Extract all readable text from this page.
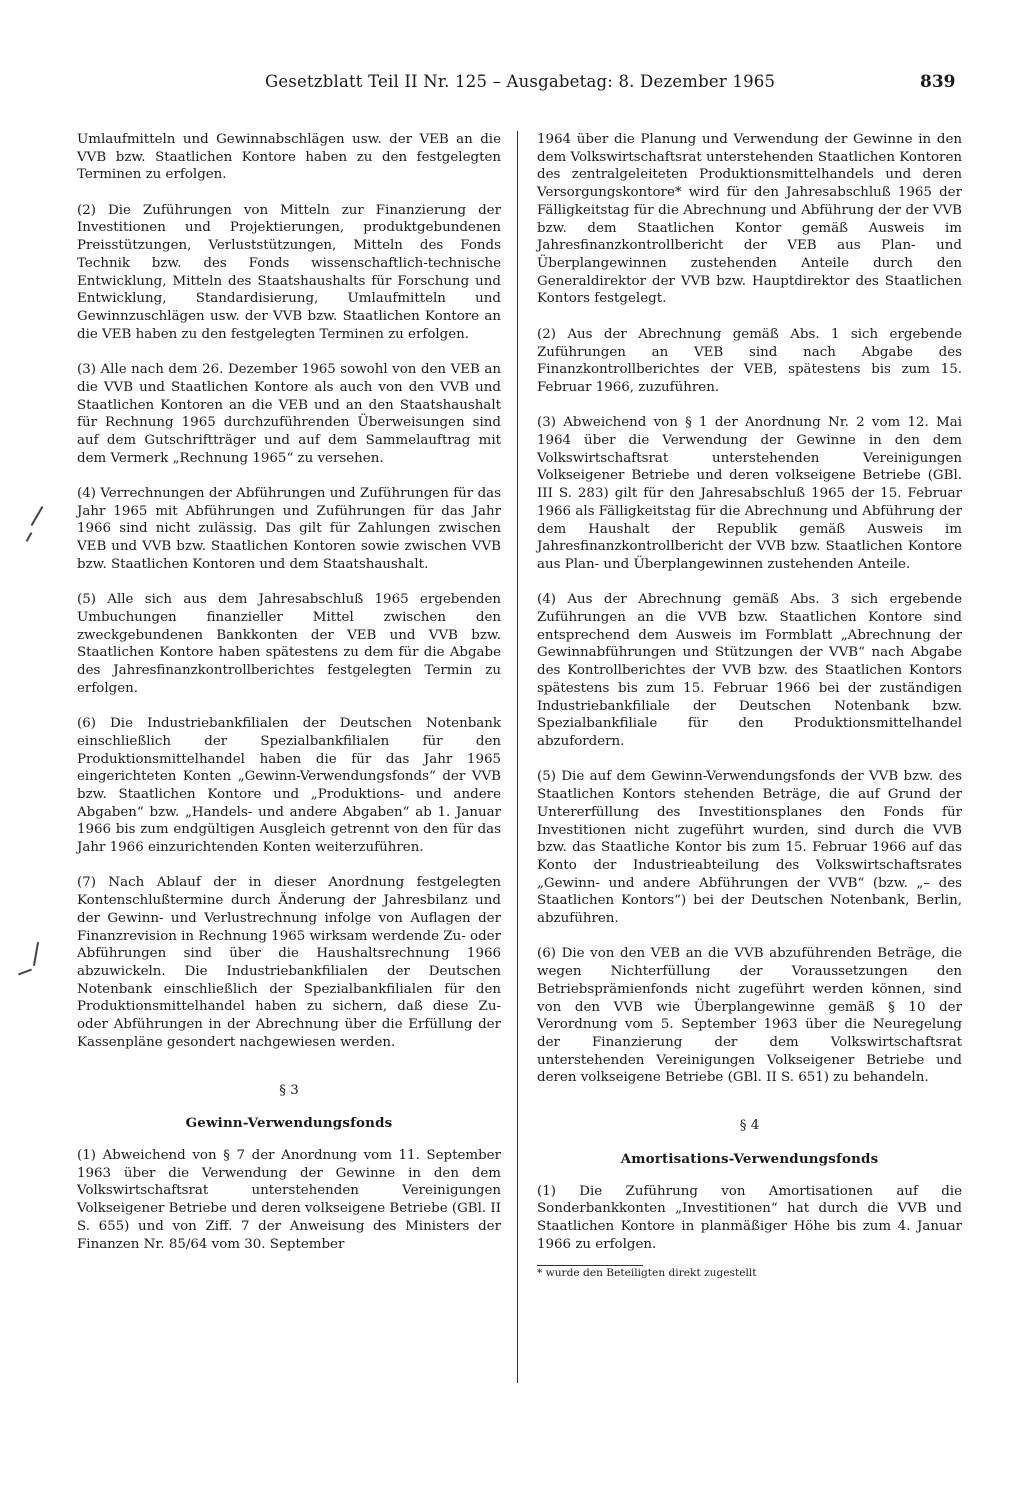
Gesetzblatt Teil II Nr. 125 – Ausgabetag: 8. Dezember 1965	839

Umlaufmitteln und Gewinnabschlägen usw. der VEB an die VVB bzw. Staatlichen Kontore haben zu den festgelegten Terminen zu erfolgen.

(2) Die Zuführungen von Mitteln zur Finanzierung der Investitionen und Projektierungen, produktgebundenen Preisstützungen, Verluststützungen, Mitteln des Fonds Technik bzw. des Fonds wissenschaftlich-technische Entwicklung, Mitteln des Staatshaushalts für Forschung und Entwicklung, Standardisierung, Umlaufmitteln und Gewinnzuschlägen usw. der VVB bzw. Staatlichen Kontore an die VEB haben zu den festgelegten Terminen zu erfolgen.

(3) Alle nach dem 26. Dezember 1965 sowohl von den VEB an die VVB und Staatlichen Kontore als auch von den VVB und Staatlichen Kontoren an die VEB und an den Staatshaushalt für Rechnung 1965 durchzuführenden Überweisungen sind auf dem Gutschriftträger und auf dem Sammelauftrag mit dem Vermerk „Rechnung 1965“ zu versehen.

(4) Verrechnungen der Abführungen und Zuführungen für das Jahr 1965 mit Abführungen und Zuführungen für das Jahr 1966 sind nicht zulässig. Das gilt für Zahlungen zwischen VEB und VVB bzw. Staatlichen Kontoren sowie zwischen VVB bzw. Staatlichen Kontoren und dem Staatshaushalt.

(5) Alle sich aus dem Jahresabschluß 1965 ergebenden Umbuchungen finanzieller Mittel zwischen den zweckgebundenen Bankkonten der VEB und VVB bzw. Staatlichen Kontore haben spätestens zu dem für die Abgabe des Jahresfinanzkontrollberichtes festgelegten Termin zu erfolgen.

(6) Die Industriebankfilialen der Deutschen Notenbank einschließlich der Spezialbankfilialen für den Produktionsmittelhandel haben die für das Jahr 1965 eingerichteten Konten „Gewinn-Verwendungsfonds“ der VVB bzw. Staatlichen Kontore und „Produktions- und andere Abgaben“ bzw. „Handels- und andere Abgaben“ ab 1. Januar 1966 bis zum endgültigen Ausgleich getrennt von den für das Jahr 1966 einzurichtenden Konten weiterzuführen.

(7) Nach Ablauf der in dieser Anordnung festgelegten Kontenschlußtermine durch Änderung der Jahresbilanz und der Gewinn- und Verlustrechnung infolge von Auflagen der Finanzrevision in Rechnung 1965 wirksam werdende Zu- oder Abführungen sind über die Haushaltsrechnung 1966 abzuwickeln. Die Industriebankfilialen der Deutschen Notenbank einschließlich der Spezialbankfilialen für den Produktionsmittelhandel haben zu sichern, daß diese Zu- oder Abführungen in der Abrechnung über die Erfüllung der Kassenpläne gesondert nachgewiesen werden.

§ 3

Gewinn-Verwendungsfonds

(1) Abweichend von § 7 der Anordnung vom 11. September 1963 über die Verwendung der Gewinne in den dem Volkswirtschaftsrat unterstehenden Vereinigungen Volkseigener Betriebe und deren volkseigene Betriebe (GBl. II S. 655) und von Ziff. 7 der Anweisung des Ministers der Finanzen Nr. 85/64 vom 30. September

1964 über die Planung und Verwendung der Gewinne in den dem Volkswirtschaftsrat unterstehenden Staatlichen Kontoren des zentralgeleiteten Produktionsmittelhandels und deren Versorgungskontore* wird für den Jahresabschluß 1965 der Fälligkeitstag für die Abrechnung und Abführung der der VVB bzw. dem Staatlichen Kontor gemäß Ausweis im Jahresfinanzkontrollbericht der VEB aus Plan- und Überplangewinnen zustehenden Anteile durch den Generaldirektor der VVB bzw. Hauptdirektor des Staatlichen Kontors festgelegt.

(2) Aus der Abrechnung gemäß Abs. 1 sich ergebende Zuführungen an VEB sind nach Abgabe des Finanzkontrollberichtes der VEB, spätestens bis zum 15. Februar 1966, zuzuführen.

(3) Abweichend von § 1 der Anordnung Nr. 2 vom 12. Mai 1964 über die Verwendung der Gewinne in den dem Volkswirtschaftsrat unterstehenden Vereinigungen Volkseigener Betriebe und deren volkseigene Betriebe (GBl. III S. 283) gilt für den Jahresabschluß 1965 der 15. Februar 1966 als Fälligkeitstag für die Abrechnung und Abführung der dem Haushalt der Republik gemäß Ausweis im Jahresfinanzkontrollbericht der VVB bzw. Staatlichen Kontore aus Plan- und Überplangewinnen zustehenden Anteile.

(4) Aus der Abrechnung gemäß Abs. 3 sich ergebende Zuführungen an die VVB bzw. Staatlichen Kontore sind entsprechend dem Ausweis im Formblatt „Abrechnung der Gewinnabführungen und Stützungen der VVB“ nach Abgabe des Kontrollberichtes der VVB bzw. des Staatlichen Kontors spätestens bis zum 15. Februar 1966 bei der zuständigen Industriebankfiliale der Deutschen Notenbank bzw. Spezialbankfiliale für den Produktionsmittelhandel abzufordern.

(5) Die auf dem Gewinn-Verwendungsfonds der VVB bzw. des Staatlichen Kontors stehenden Beträge, die auf Grund der Untererfüllung des Investitionsplanes den Fonds für Investitionen nicht zugeführt wurden, sind durch die VVB bzw. das Staatliche Kontor bis zum 15. Februar 1966 auf das Konto der Industrieabteilung des Volkswirtschaftsrates „Gewinn- und andere Abführungen der VVB“ (bzw. „– des Staatlichen Kontors“) bei der Deutschen Notenbank, Berlin, abzuführen.

(6) Die von den VEB an die VVB abzuführenden Beträge, die wegen Nichterfüllung der Voraussetzungen den Betriebsprämienfonds nicht zugeführt werden können, sind von den VVB wie Überplangewinne gemäß § 10 der Verordnung vom 5. September 1963 über die Neuregelung der Finanzierung der dem Volkswirtschaftsrat unterstehenden Vereinigungen Volkseigener Betriebe und deren volkseigene Betriebe (GBl. II S. 651) zu behandeln.

§ 4

Amortisations-Verwendungsfonds

(1) Die Zuführung von Amortisationen auf die Sonderbankkonten „Investitionen“ hat durch die VVB und Staatlichen Kontore in planmäßiger Höhe bis zum 4. Januar 1966 zu erfolgen.

* wurde den Beteiligten direkt zugestellt
